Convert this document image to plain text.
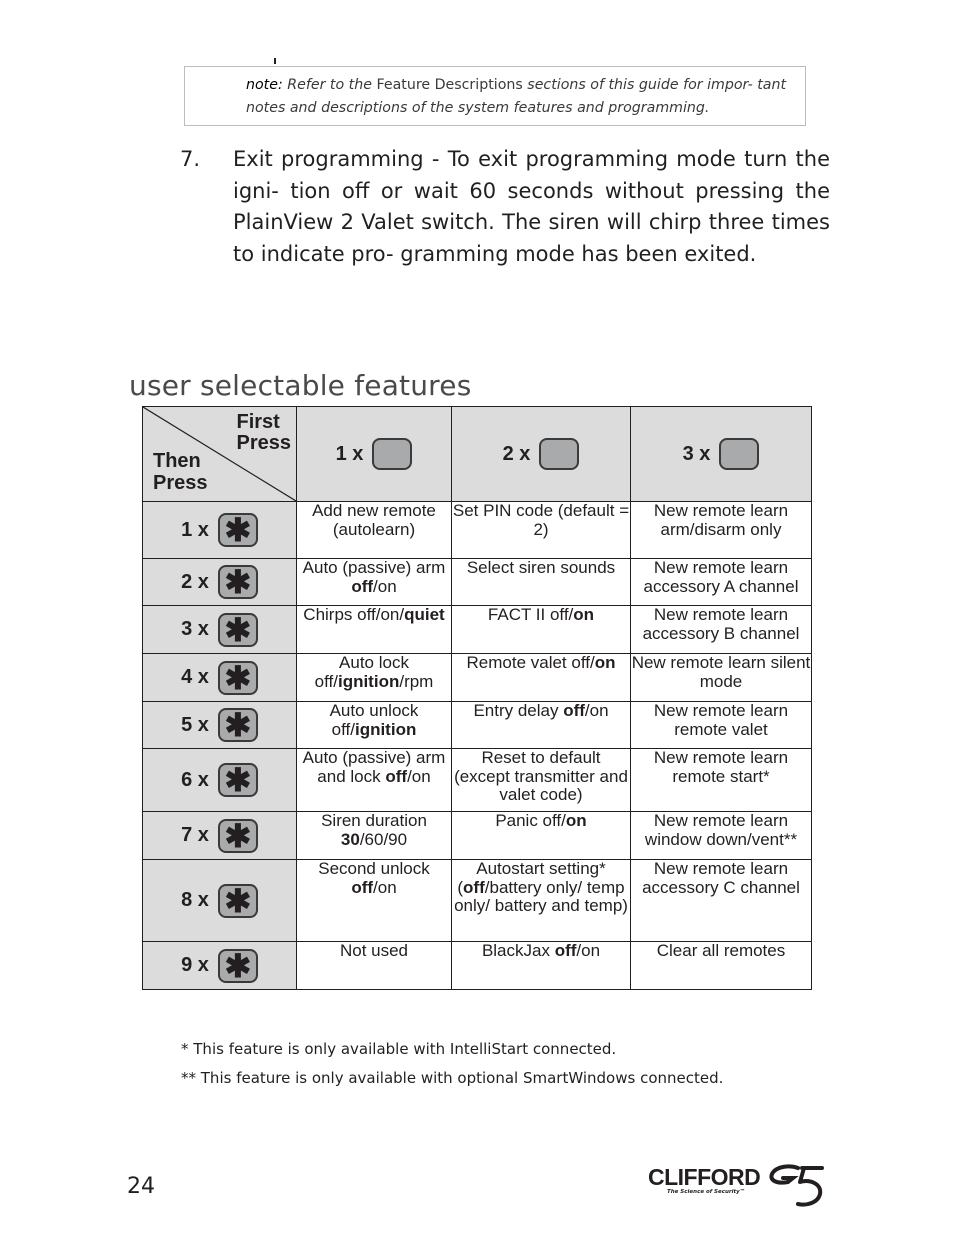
note: Refer to the Feature Descriptions sections of this guide for impor- tant notes and descriptions of the system features and programming.
7. Exit programming - To exit programming mode turn the igni- tion off or wait 60 seconds without pressing the PlainView 2 Valet switch. The siren will chirp three times to indicate pro- gramming mode has been exited.
user selectable features
First
Press
Then
Press	1 x	2 x	3 x
1 x ✱	Add new remote (autolearn)	Set PIN code (default = 2)	New remote learn arm/disarm only
2 x ✱	Auto (passive) arm off/on	Select siren sounds	New remote learn accessory A channel
3 x ✱	Chirps off/on/quiet	FACT II off/on	New remote learn accessory B channel
4 x ✱	Auto lock off/ignition/rpm	Remote valet off/on	New remote learn silent mode
5 x ✱	Auto unlock off/ignition	Entry delay off/on	New remote learn remote valet
6 x ✱	Auto (passive) arm and lock off/on	Reset to default (except transmitter and valet code)	New remote learn remote start*
7 x ✱	Siren duration 30/60/90	Panic off/on	New remote learn window down/vent**
8 x ✱	Second unlock off/on	Autostart setting* (off/battery only/ temp only/ battery and temp)	New remote learn accessory C channel
9 x ✱	Not used	BlackJax off/on	Clear all remotes
* This feature is only available with IntelliStart connected.
** This feature is only available with optional SmartWindows connected.
24	CLIFFORD
The Science of Security™
